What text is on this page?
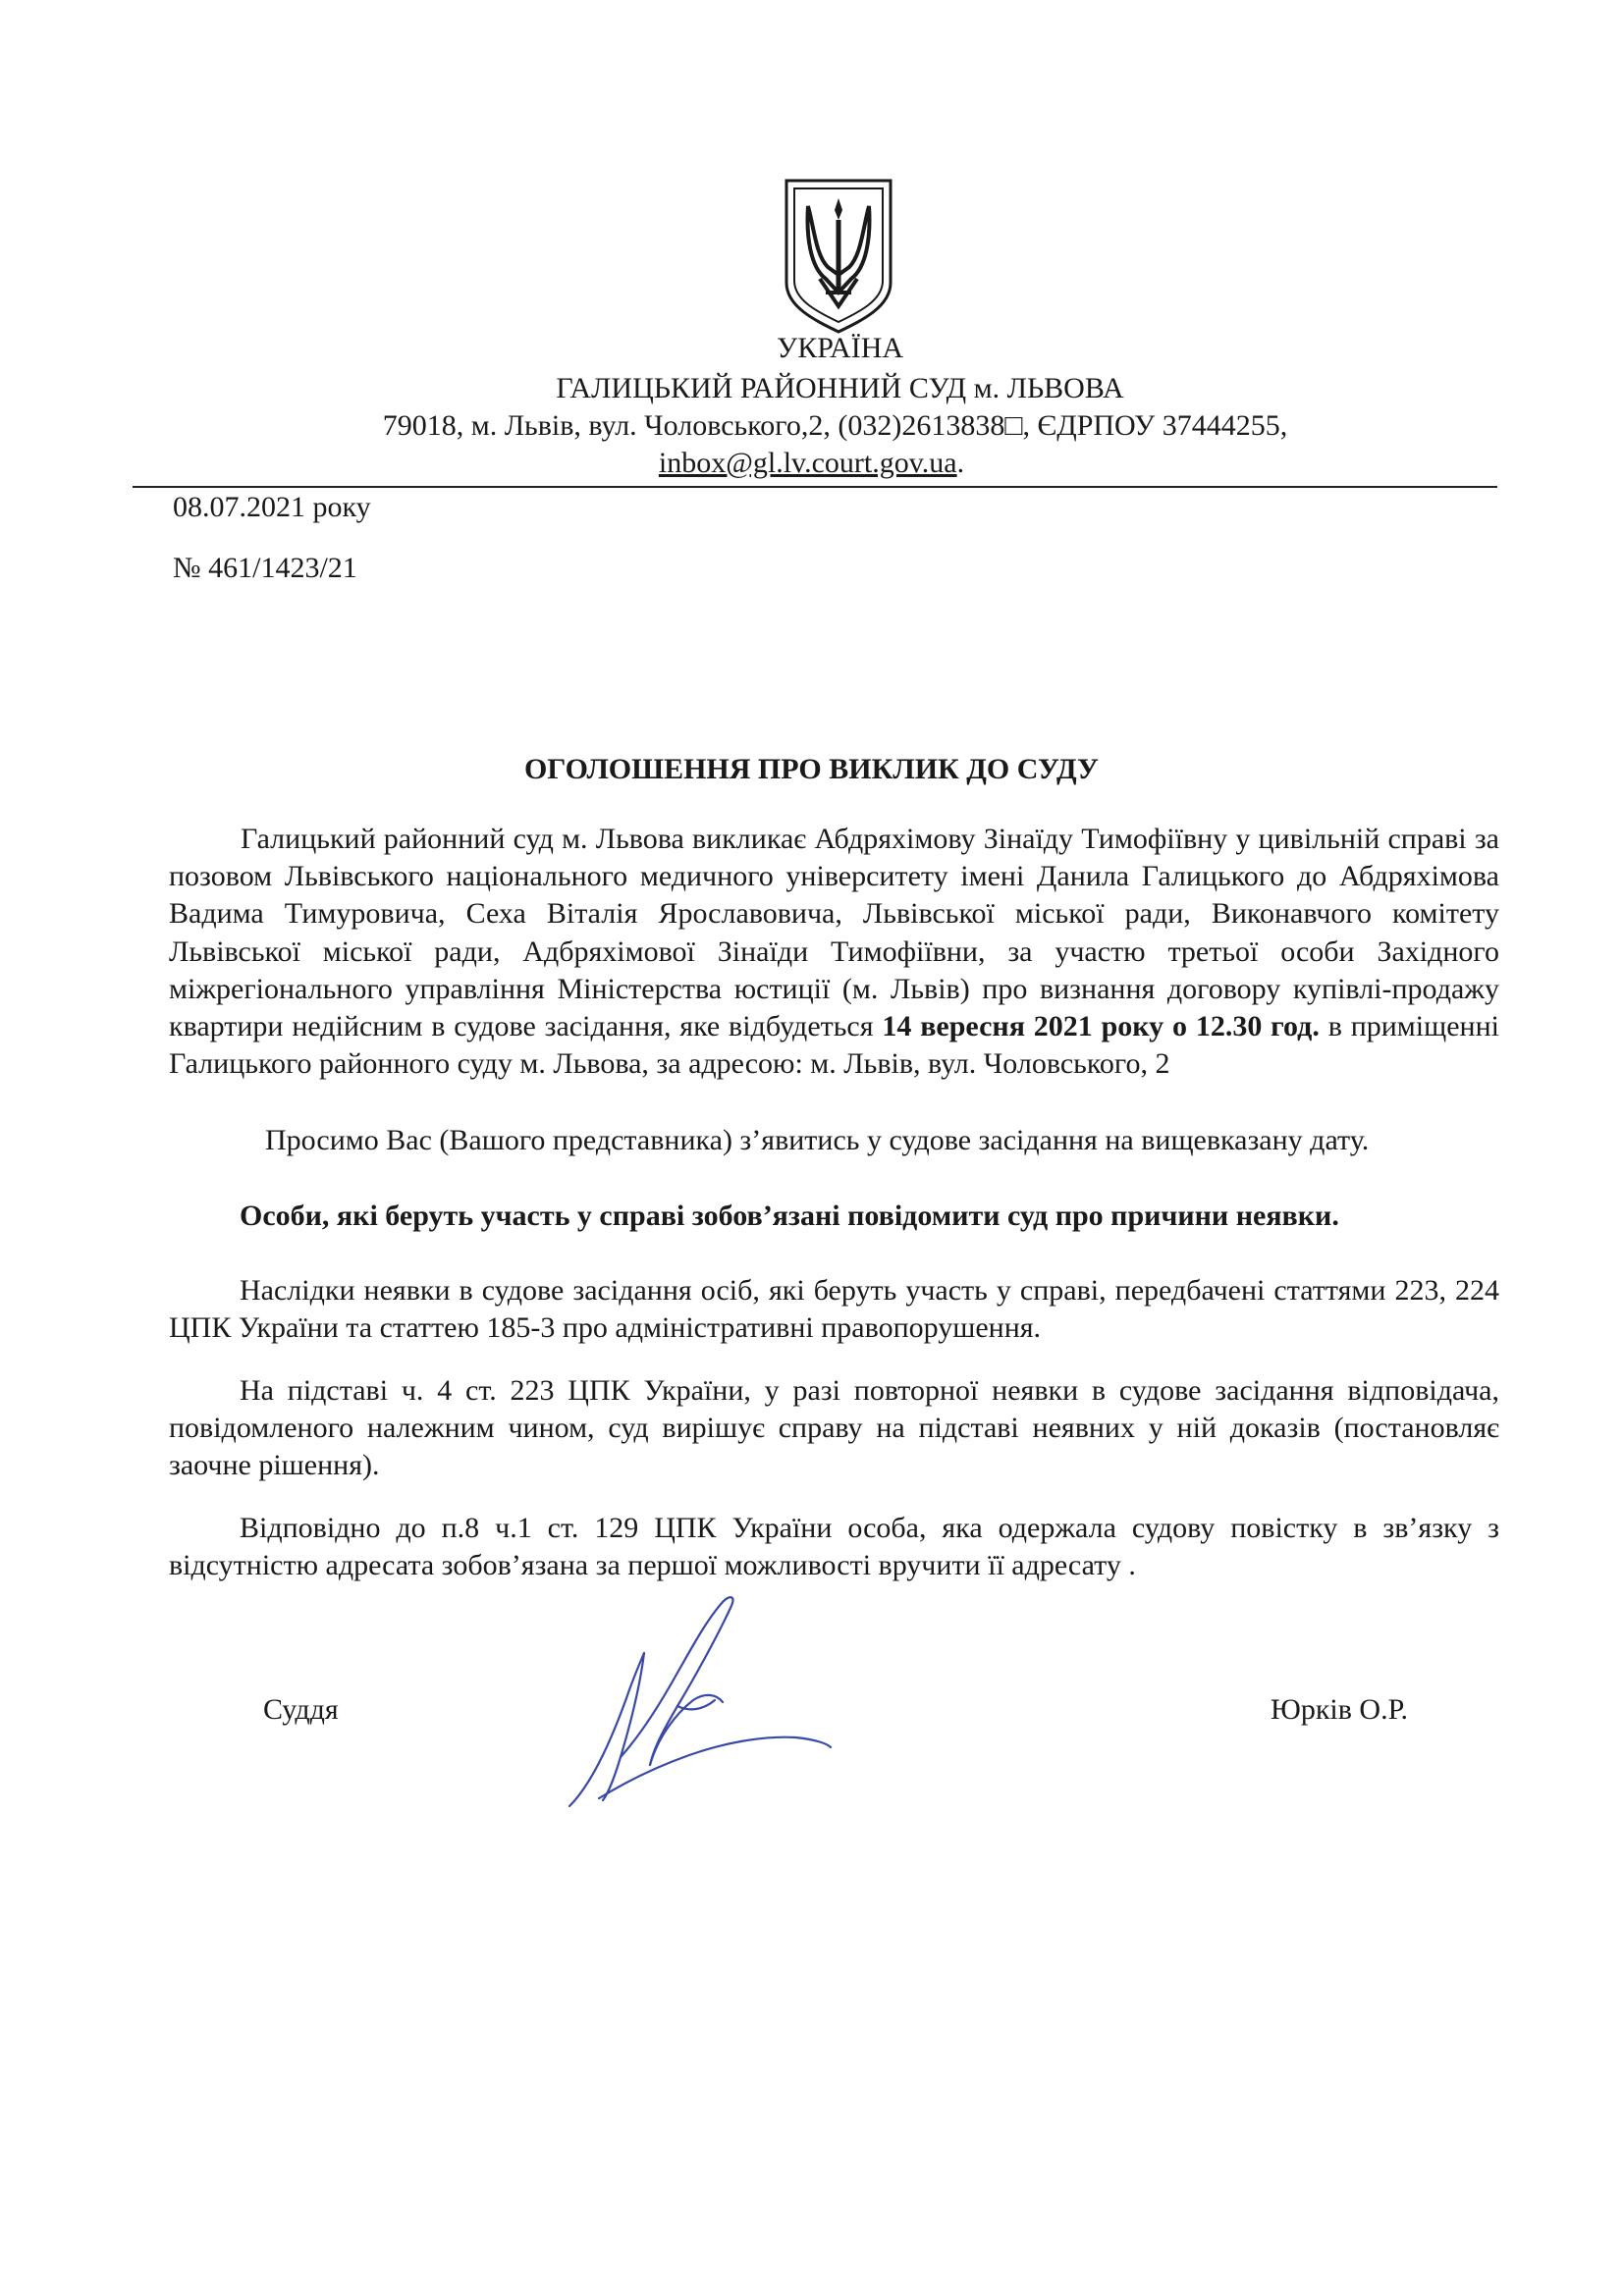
УКРАЇНА
ГАЛИЦЬКИЙ РАЙОННИЙ СУД м. ЛЬВОВА
79018, м. Львів, вул. Чоловського,2, (032)2613838□, ЄДРПОУ 37444255,
inbox@gl.lv.court.gov.ua.
08.07.2021 року
№ 461/1423/21
ОГОЛОШЕННЯ ПРО ВИКЛИК ДО СУДУ
Галицький районний суд м. Львова викликає Абдряхімову Зінаїду Тимофіївну у цивільній справі за позовом Львівського національного медичного університету імені Данила Галицького до Абдряхімова Вадима Тимуровича, Сеха Віталія Ярославовича, Львівської міської ради, Виконавчого комітету Львівської міської ради, Адбряхімової Зінаїди Тимофіївни, за участю третьої особи Західного міжрегіонального управління Міністерства юстиції (м. Львів) про визнання договору купівлі-продажу квартири недійсним в судове засідання, яке відбудеться 14 вересня 2021 року о 12.30 год. в приміщенні Галицького районного суду м. Львова, за адресою: м. Львів, вул. Чоловського, 2
Просимо Вас (Вашого представника) з’явитись у судове засідання на вищевказану дату.
Особи, які беруть участь у справі зобов’язані повідомити суд про причини неявки.
Наслідки неявки в судове засідання осіб, які беруть участь у справі, передбачені статтями 223, 224 ЦПК України та статтею 185-3 про адміністративні правопорушення.
На підставі ч. 4 ст. 223 ЦПК України, у разі повторної неявки в судове засідання відповідача, повідомленого належним чином, суд вирішує справу на підставі неявних у ній доказів (постановляє заочне рішення).
Відповідно до п.8 ч.1 ст. 129 ЦПК України особа, яка одержала судову повістку в зв’язку з відсутністю адресата зобов’язана за першої можливості вручити її адресату .
Суддя	Юрків О.Р.
